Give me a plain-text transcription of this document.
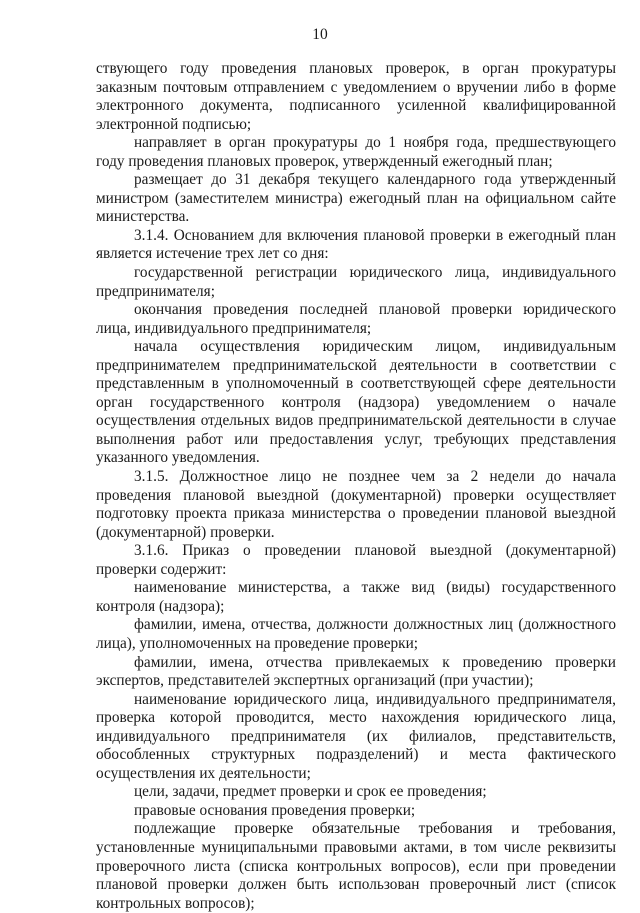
10

ствующего году проведения плановых проверок, в орган прокуратуры заказным почтовым отправлением с уведомлением о вручении либо в форме электронного документа, подписанного усиленной квалифицированной электронной подписью;

направляет в орган прокуратуры до 1 ноября года, предшествующего году проведения плановых проверок, утвержденный ежегодный план;

размещает до 31 декабря текущего календарного года утвержденный министром (заместителем министра) ежегодный план на официальном сайте министерства.

3.1.4. Основанием для включения плановой проверки в ежегодный план является истечение трех лет со дня:

государственной регистрации юридического лица, индивидуального предпринимателя;

окончания проведения последней плановой проверки юридического лица, индивидуального предпринимателя;

начала осуществления юридическим лицом, индивидуальным предпринимателем предпринимательской деятельности в соответствии с представленным в уполномоченный в соответствующей сфере деятельности орган государственного контроля (надзора) уведомлением о начале осуществления отдельных видов предпринимательской деятельности в случае выполнения работ или предоставления услуг, требующих представления указанного уведомления.

3.1.5. Должностное лицо не позднее чем за 2 недели до начала проведения плановой выездной (документарной) проверки осуществляет подготовку проекта приказа министерства о проведении плановой выездной (документарной) проверки.

3.1.6. Приказ о проведении плановой выездной (документарной) проверки содержит:

наименование министерства, а также вид (виды) государственного контроля (надзора);

фамилии, имена, отчества, должности должностных лиц (должностного лица), уполномоченных на проведение проверки;

фамилии, имена, отчества привлекаемых к проведению проверки экспертов, представителей экспертных организаций (при участии);

наименование юридического лица, индивидуального предпринимателя, проверка которой проводится, место нахождения юридического лица, индивидуального предпринимателя (их филиалов, представительств, обособленных структурных подразделений) и места фактического осуществления их деятельности;

цели, задачи, предмет проверки и срок ее проведения;

правовые основания проведения проверки;

подлежащие проверке обязательные требования и требования, установленные муниципальными правовыми актами, в том числе реквизиты проверочного листа (списка контрольных вопросов), если при проведении плановой проверки должен быть использован проверочный лист (список контрольных вопросов);
